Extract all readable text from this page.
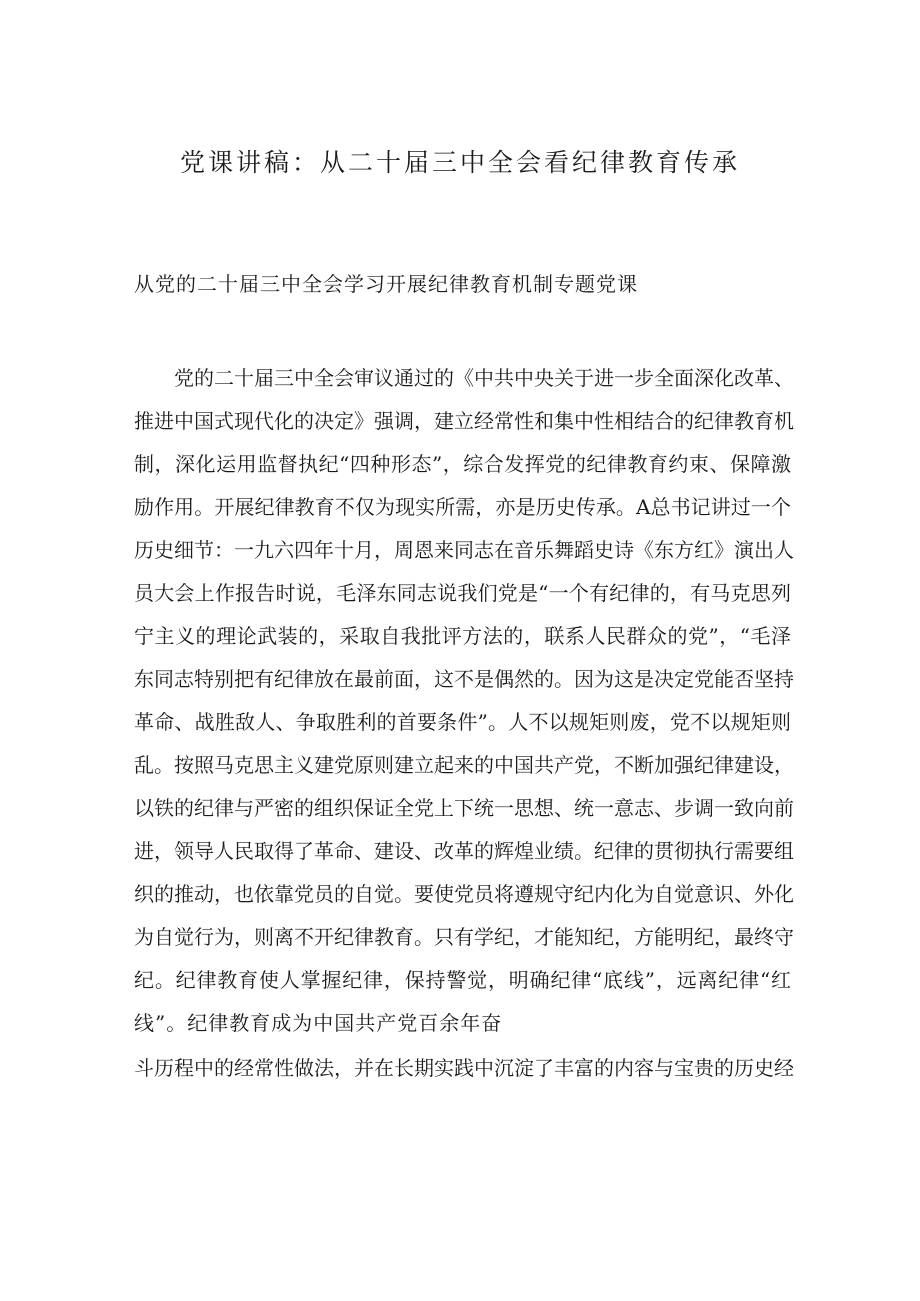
党课讲稿：从二十届三中全会看纪律教育传承
从党的二十届三中全会学习开展纪律教育机制专题党课
党的二十届三中全会审议通过的《中共中央关于进一步全面深化改革、
推进中国式现代化的决定》强调，建立经常性和集中性相结合的纪律教育机
制，深化运用监督执纪“四种形态”，综合发挥党的纪律教育约束、保障激
励作用。开展纪律教育不仅为现实所需，亦是历史传承。A总书记讲过一个
历史细节：一九六四年十月，周恩来同志在音乐舞蹈史诗《东方红》演出人
员大会上作报告时说，毛泽东同志说我们党是“一个有纪律的，有马克思列
宁主义的理论武装的，采取自我批评方法的，联系人民群众的党”，“毛泽
东同志特别把有纪律放在最前面，这不是偶然的。因为这是决定党能否坚持
革命、战胜敌人、争取胜利的首要条件”。人不以规矩则废，党不以规矩则
乱。按照马克思主义建党原则建立起来的中国共产党，不断加强纪律建设，
以铁的纪律与严密的组织保证全党上下统一思想、统一意志、步调一致向前
进，领导人民取得了革命、建设、改革的辉煌业绩。纪律的贯彻执行需要组
织的推动，也依靠党员的自觉。要使党员将遵规守纪内化为自觉意识、外化
为自觉行为，则离不开纪律教育。只有学纪，才能知纪，方能明纪，最终守
纪。纪律教育使人掌握纪律，保持警觉，明确纪律“底线”，远离纪律“红
线”。纪律教育成为中国共产党百余年奋
斗历程中的经常性做法，并在长期实践中沉淀了丰富的内容与宝贵的历史经
